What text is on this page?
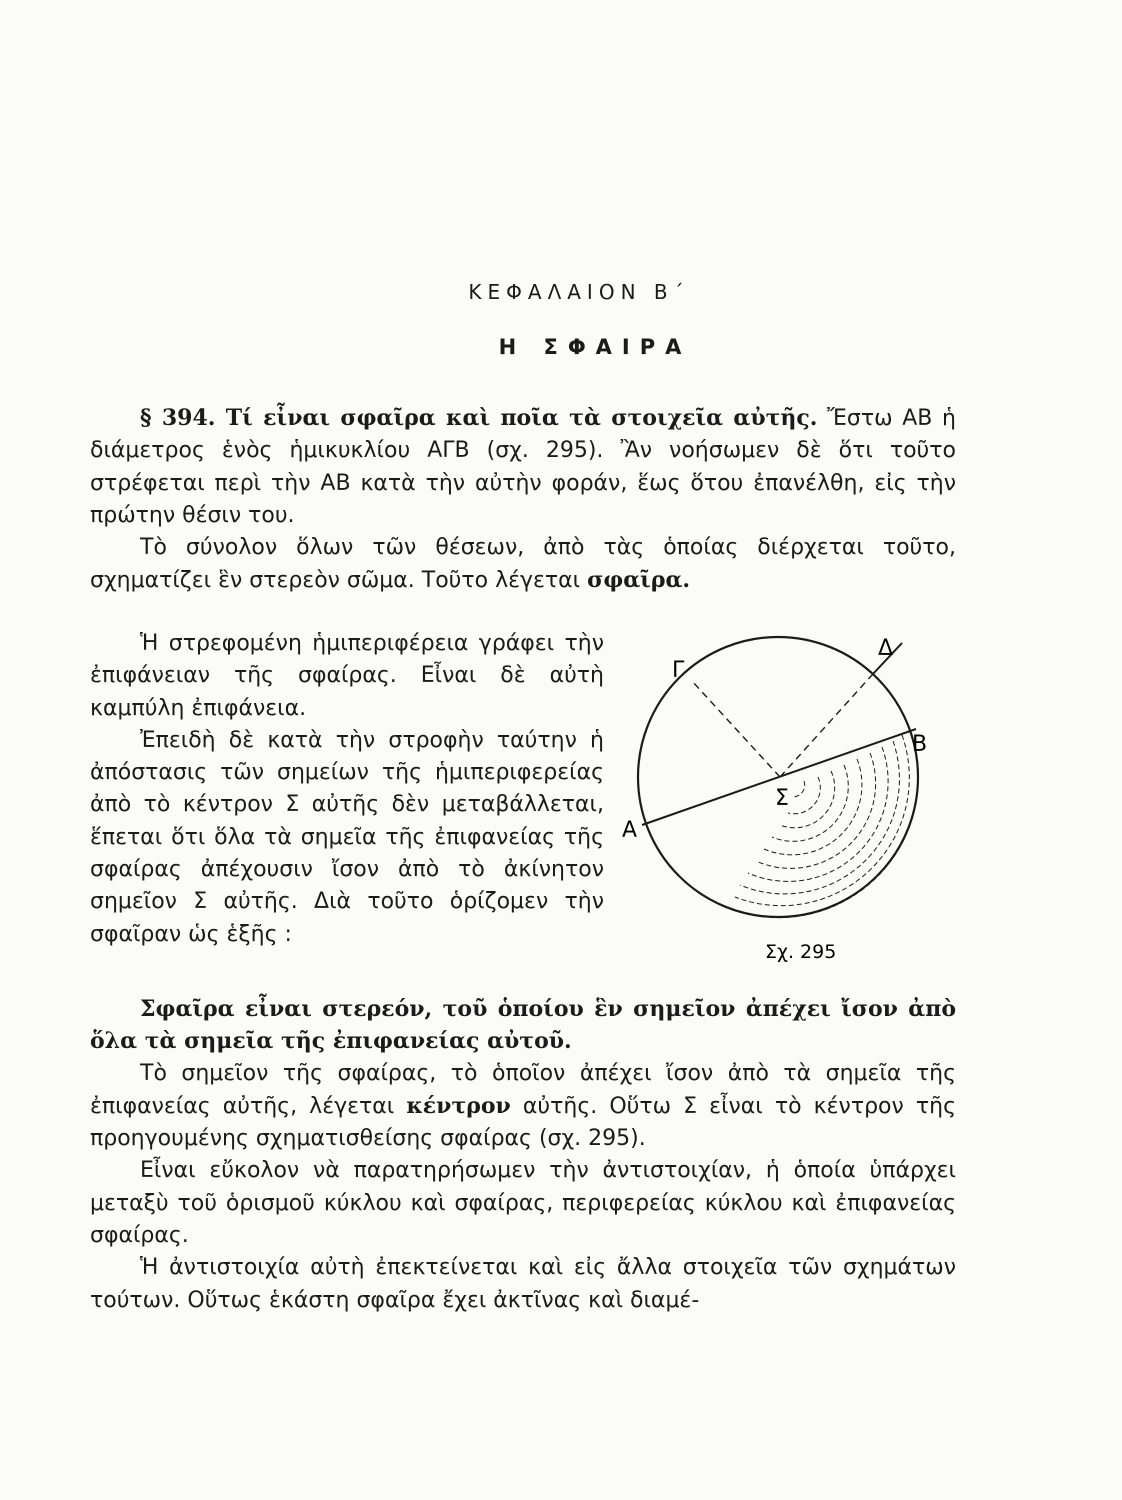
ΚΕΦΑΛΑΙΟΝ Β΄
Η ΣΦΑΙΡΑ

§ 394. Τί εἶναι σφαῖρα καὶ ποῖα τὰ στοιχεῖα αὐτῆς. Ἔστω ΑΒ ἡ διάμετρος ἑνὸς ἡμικυκλίου ΑΓΒ (σχ. 295). Ἂν νοήσωμεν δὲ ὅτι τοῦτο στρέφεται περὶ τὴν ΑΒ κατὰ τὴν αὐτὴν φοράν, ἕως ὅτου ἐπανέλθη, εἰς τὴν πρώτην θέσιν του.

Τὸ σύνολον ὅλων τῶν θέσεων, ἀπὸ τὰς ὁποίας διέρχεται τοῦτο, σχηματίζει ἓν στερεὸν σῶμα. Τοῦτο λέγεται σφαῖρα.

Ἡ στρεφομένη ἡμιπεριφέρεια γράφει τὴν ἐπιφάνειαν τῆς σφαίρας. Εἶναι δὲ αὐτὴ καμπύλη ἐπιφάνεια.

Ἐπειδὴ δὲ κατὰ τὴν στροφὴν ταύτην ἡ ἀπόστασις τῶν σημείων τῆς ἡμιπεριφερείας ἀπὸ τὸ κέντρον Σ αὐτῆς δὲν μεταβάλλεται, ἕπεται ὅτι ὅλα τὰ σημεῖα τῆς ἐπιφανείας τῆς σφαίρας ἀπέχουσιν ἴσον ἀπὸ τὸ ἀκίνητον σημεῖον Σ αὐτῆς. Διὰ τοῦτο ὁρίζομεν τὴν σφαῖραν ὡς ἑξῆς :

Γ
Δ
Β
Α
Σ
Σχ. 295

Σφαῖρα εἶναι στερεόν, τοῦ ὁποίου ἓν σημεῖον ἀπέχει ἴσον ἀπὸ ὅλα τὰ σημεῖα τῆς ἐπιφανείας αὐτοῦ.

Τὸ σημεῖον τῆς σφαίρας, τὸ ὁποῖον ἀπέχει ἴσον ἀπὸ τὰ σημεῖα τῆς ἐπιφανείας αὐτῆς, λέγεται κέντρον αὐτῆς. Οὕτω Σ εἶναι τὸ κέντρον τῆς προηγουμένης σχηματισθείσης σφαίρας (σχ. 295).

Εἶναι εὔκολον νὰ παρατηρήσωμεν τὴν ἀντιστοιχίαν, ἡ ὁποία ὑπάρχει μεταξὺ τοῦ ὁρισμοῦ κύκλου καὶ σφαίρας, περιφερείας κύκλου καὶ ἐπιφανείας σφαίρας.

Ἡ ἀντιστοιχία αὐτὴ ἐπεκτείνεται καὶ εἰς ἄλλα στοιχεῖα τῶν σχημάτων τούτων. Οὕτως ἑκάστη σφαῖρα ἔχει ἀκτῖνας καὶ διαμέ-
